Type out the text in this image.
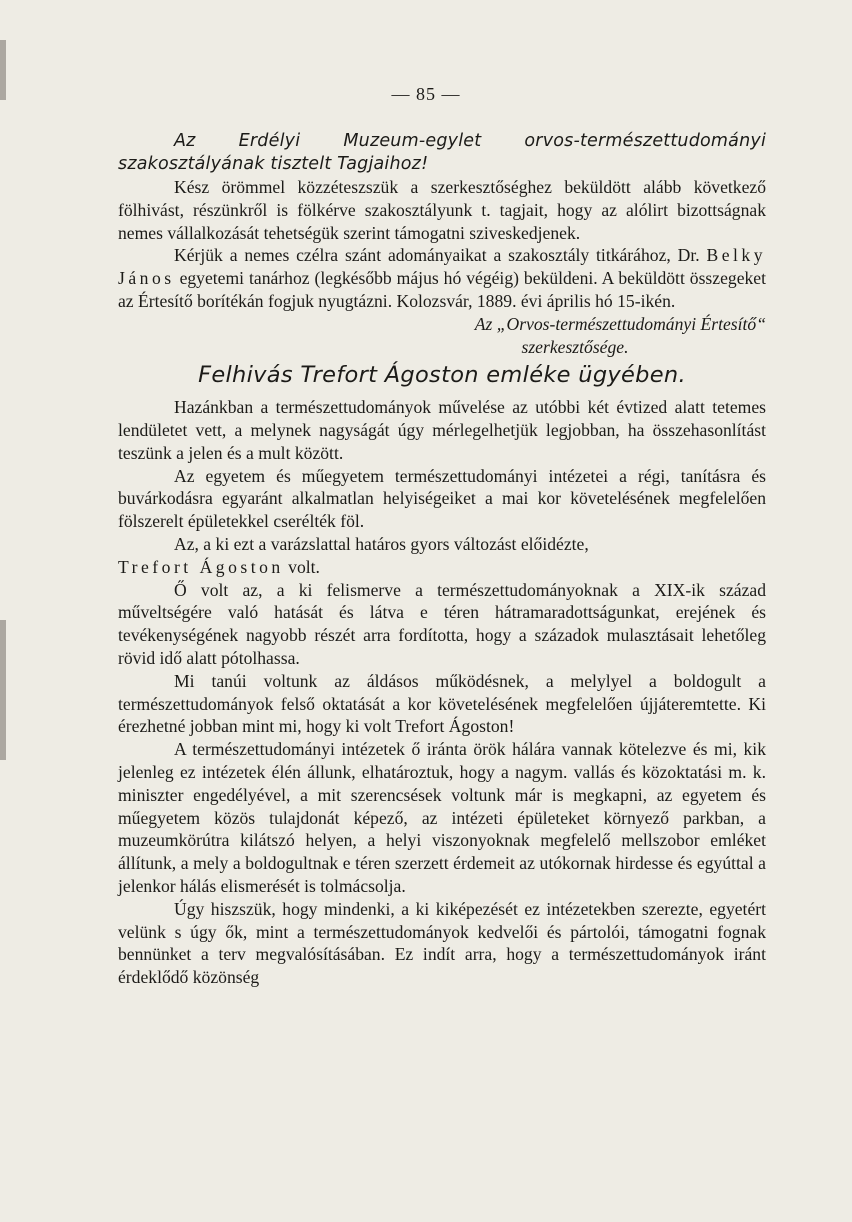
— 85 —

Az Erdélyi Muzeum-egylet orvos-természettudományi szakosztályának tisztelt Tagjaihoz!

Kész örömmel közzéteszszük a szerkesztőséghez beküldött alább következő fölhivást, részünkről is fölkérve szakosztályunk t. tagjait, hogy az alólirt bizottságnak nemes vállalkozását tehetségük szerint támogatni sziveskedjenek.

Kérjük a nemes czélra szánt adományaikat a szakosztály titkárához, Dr. Belky János egyetemi tanárhoz (legkésőbb május hó végéig) beküldeni. A beküldött összegeket az Értesítő borítékán fogjuk nyugtázni. Kolozsvár, 1889. évi április hó 15-ikén.

Az „Orvos-természettudományi Értesítő“

szerkesztősége.

Felhivás Trefort Ágoston emléke ügyében.

Hazánkban a természettudományok művelése az utóbbi két évtized alatt tetemes lendületet vett, a melynek nagyságát úgy mérlegelhetjük legjobban, ha összehasonlítást teszünk a jelen és a mult között.

Az egyetem és műegyetem természettudományi intézetei a régi, tanításra és buvárkodásra egyaránt alkalmatlan helyiségeiket a mai kor követelésének megfelelően fölszerelt épületekkel cserélték föl.

Az, a ki ezt a varázslattal határos gyors változást előidézte,
Trefort Ágoston volt.

Ő volt az, a ki felismerve a természettudományoknak a XIX-ik század műveltségére való hatását és látva e téren hátramaradottságunkat, erejének és tevékenységének nagyobb részét arra fordította, hogy a századok mulasztásait lehetőleg rövid idő alatt pótolhassa.

Mi tanúi voltunk az áldásos működésnek, a melylyel a boldogult a természettudományok felső oktatását a kor követelésének megfelelően újjáteremtette. Ki érezhetné jobban mint mi, hogy ki volt Trefort Ágoston!

A természettudományi intézetek ő iránta örök hálára vannak kötelezve és mi, kik jelenleg ez intézetek élén állunk, elhatároztuk, hogy a nagym. vallás és közoktatási m. k. miniszter engedélyével, a mit szerencsések voltunk már is megkapni, az egyetem és műegyetem közös tulajdonát képező, az intézeti épületeket környező parkban, a muzeumkörútra kilátszó helyen, a helyi viszonyoknak megfelelő mellszobor emléket állítunk, a mely a boldogultnak e téren szerzett érdemeit az utókornak hirdesse és egyúttal a jelenkor hálás elismerését is tolmácsolja.

Úgy hiszszük, hogy mindenki, a ki kiképezését ez intézetekben szerezte, egyetért velünk s úgy ők, mint a természettudományok kedvelői és pártolói, támogatni fognak bennünket a terv megvalósításában. Ez indít arra, hogy a természettudományok iránt érdeklődő közönség
